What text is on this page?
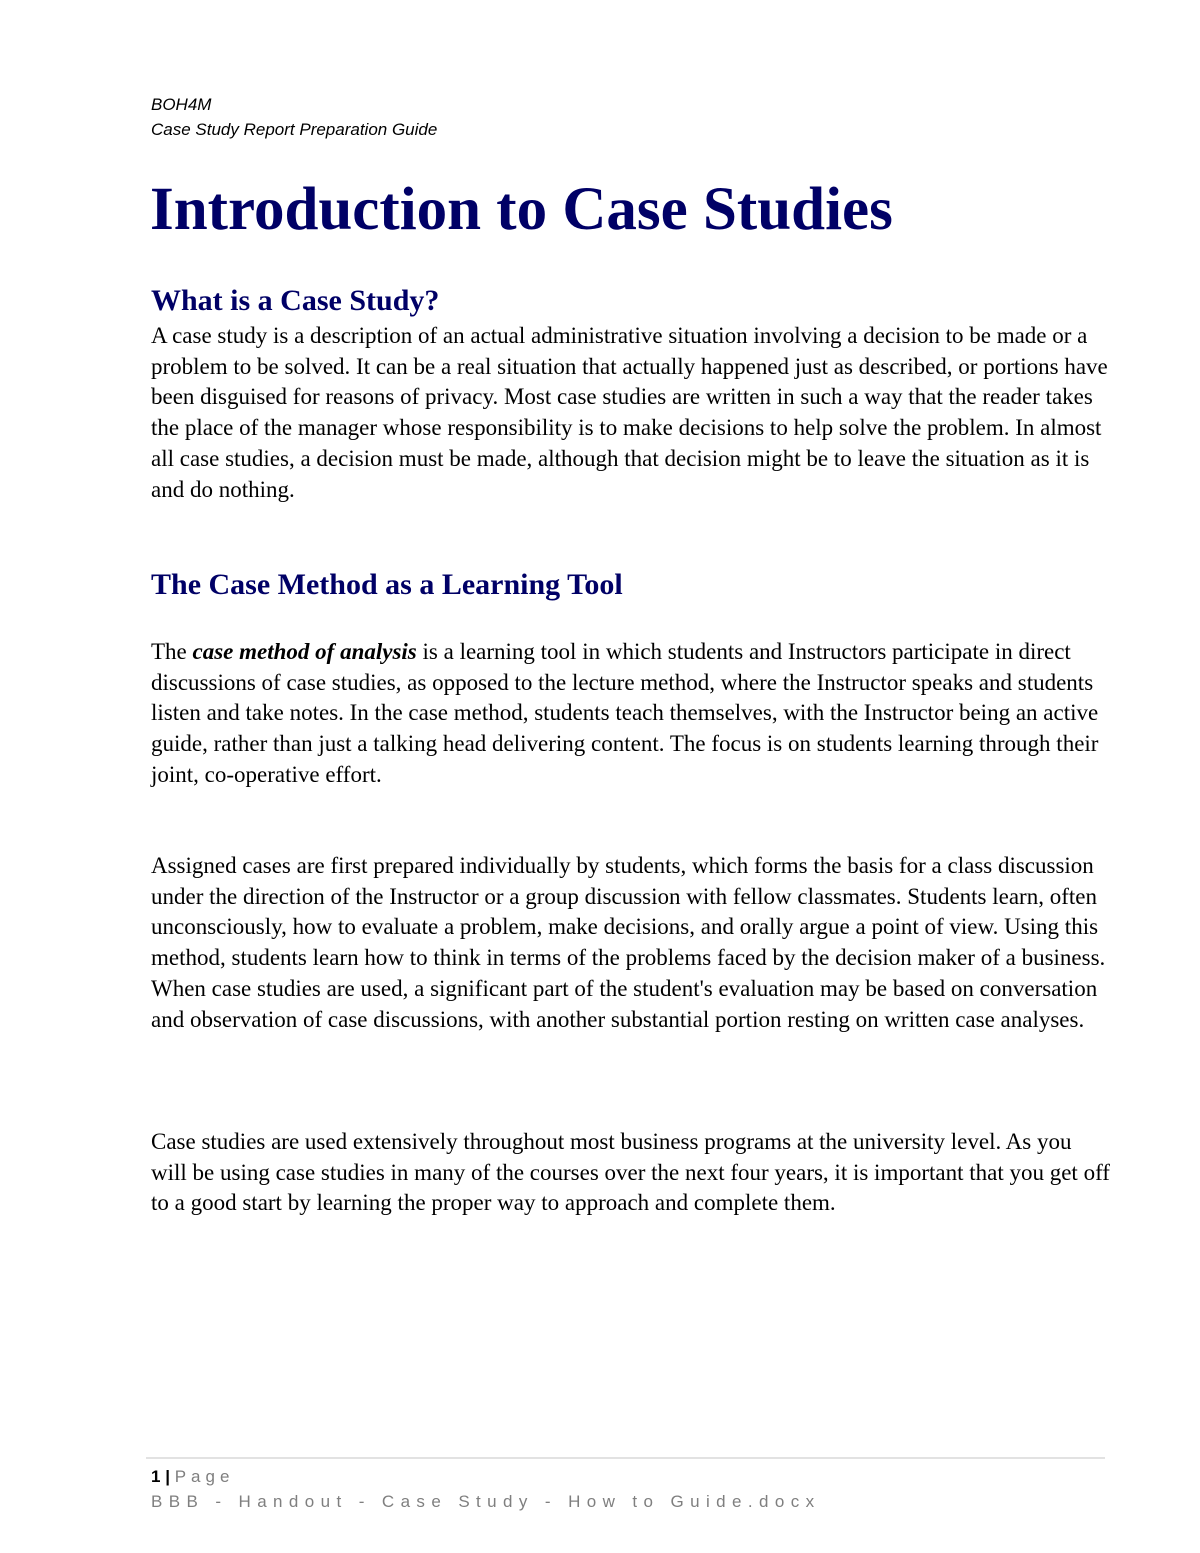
BOH4M
Case Study Report Preparation Guide
Introduction to Case Studies
What is a Case Study?

A case study is a description of an actual administrative situation involving a decision to be made or a problem to be solved. It can be a real situation that actually happened just as described, or portions have been disguised for reasons of privacy. Most case studies are written in such a way that the reader takes the place of the manager whose responsibility is to make decisions to help solve the problem. In almost all case studies, a decision must be made, although that decision might be to leave the situation as it is and do nothing.

The Case Method as a Learning Tool

The case method of analysis is a learning tool in which students and Instructors participate in direct discussions of case studies, as opposed to the lecture method, where the Instructor speaks and students listen and take notes. In the case method, students teach themselves, with the Instructor being an active guide, rather than just a talking head delivering content. The focus is on students learning through their joint, co-operative effort.

Assigned cases are first prepared individually by students, which forms the basis for a class discussion under the direction of the Instructor or a group discussion with fellow classmates. Students learn, often unconsciously, how to evaluate a problem, make decisions, and orally argue a point of view. Using this method, students learn how to think in terms of the problems faced by the decision maker of a business. When case studies are used, a significant part of the student's evaluation may be based on conversation and observation of case discussions, with another substantial portion resting on written case analyses.

Case studies are used extensively throughout most business programs at the university level. As you will be using case studies in many of the courses over the next four years, it is important that you get off to a good start by learning the proper way to approach and complete them.

1 | Page
BBB - Handout - Case Study - How to Guide.docx
